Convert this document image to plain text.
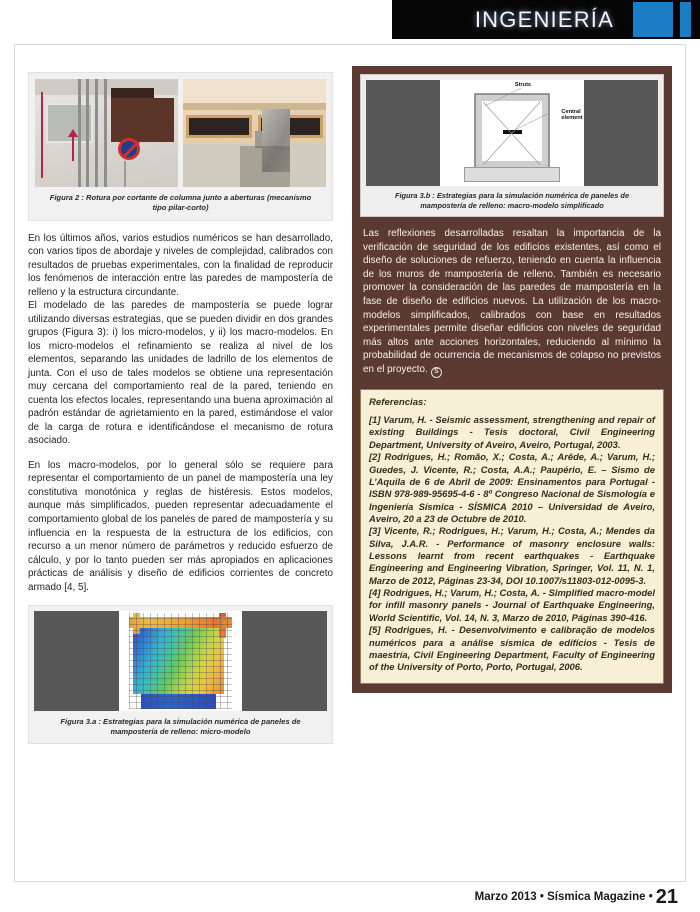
INGENIERÍA
Figura 2 : Rotura por cortante de columna junto a aberturas (mecanismo tipo pilar-corto)

En los últimos años, varios estudios numéricos se han desarrollado, con varios tipos de abordaje y niveles de complejidad, calibrados con resultados de pruebas experimentales, con la finalidad de reproducir los fenómenos de interacción entre las paredes de mampostería de relleno y la estructura circundante.

El modelado de las paredes de mampostería se puede lograr utilizando diversas estrategias, que se pueden dividir en dos grandes grupos (Figura 3): i) los micro-modelos, y ii) los macro-modelos. En los micro-modelos el refinamiento se realiza al nivel de los elementos, separando las unidades de ladrillo de los elementos de junta. Con el uso de tales modelos se obtiene una representación muy cercana del comportamiento real de la pared, teniendo en cuenta los efectos locales, representando una buena aproximación al padrón estándar de agrietamiento en la pared, estimándose el valor de la carga de rotura e identificándose el mecanismo de rotura asociado.

En los macro-modelos, por lo general sólo se requiere para representar el comportamiento de un panel de mampostería una ley constitutiva monotónica y reglas de histéresis. Estos modelos, aunque más simplificados, pueden representar adecuadamente el comportamiento global de los paneles de pared de mampostería y su influencia en la respuesta de la estructura de los edificios, con recurso a un menor número de parámetros y reducido esfuerzo de cálculo, y por lo tanto pueden ser más apropiados en aplicaciones prácticas de análisis y diseño de edificios corrientes de concreto armado [4, 5].

Figura 3.a : Estrategias para la simulación numérica de paneles de mampostería de relleno: micro-modelo
Struts
Central
element
Figura 3.b : Estrategias para la simulación numérica de paneles de mampostería de relleno: macro-modelo simplificado
Las reflexiones desarrolladas resaltan la importancia de la verificación de seguridad de los edificios existentes, así como el diseño de soluciones de refuerzo, teniendo en cuenta la influencia de los muros de mampostería de relleno. También es necesario promover la consideración de las paredes de mampostería en la fase de diseño de edificios nuevos. La utilización de los macro-modelos simplificados, calibrados con base en resultados experimentales permite diseñar edificios con niveles de seguridad más altos ante acciones horizontales, reduciendo al mínimo la probabilidad de ocurrencia de mecanismos de colapso no previstos en el proyecto. S
Referencias:

[1] Varum, H. - Seismic assessment, strengthening and repair of existing Buildings - Tesis doctoral, Civil Engineering Department, University of Aveiro, Aveiro, Portugal, 2003.

[2] Rodrigues, H.; Romão, X.; Costa, A.; Arêde, A.; Varum, H.; Guedes, J. Vicente, R.; Costa, A.A.; Paupério, E. – Sismo de L’Aquila de 6 de Abril de 2009: Ensinamentos para Portugal - ISBN 978-989-95695-4-6 - 8º Congreso Nacional de Sismología e Ingeniería Sísmica - SÍSMICA 2010 – Universidad de Aveiro, Aveiro, 20 a 23 de Octubre de 2010.

[3] Vicente, R.; Rodrigues, H.; Varum, H.; Costa, A.; Mendes da Silva, J.A.R. - Performance of masonry enclosure walls: Lessons learnt from recent earthquakes - Earthquake Engineering and Engineering Vibration, Springer, Vol. 11, N. 1, Marzo de 2012, Páginas 23-34, DOI 10.1007/s11803-012-0095-3.

[4] Rodrigues, H.; Varum, H.; Costa, A. - Simplified macro-model for infill masonry panels - Journal of Earthquake Engineering, World Scientific, Vol. 14, N. 3, Marzo de 2010, Páginas 390-416.

[5] Rodrigues, H. - Desenvolvimento e calibração de modelos numéricos para a análise sísmica de edifícios - Tesis de maestría, Civil Engineering Department, Faculty of Engineering of the University of Porto, Porto, Portugal, 2006.

Marzo 2013 • Sísmica Magazine • 21
